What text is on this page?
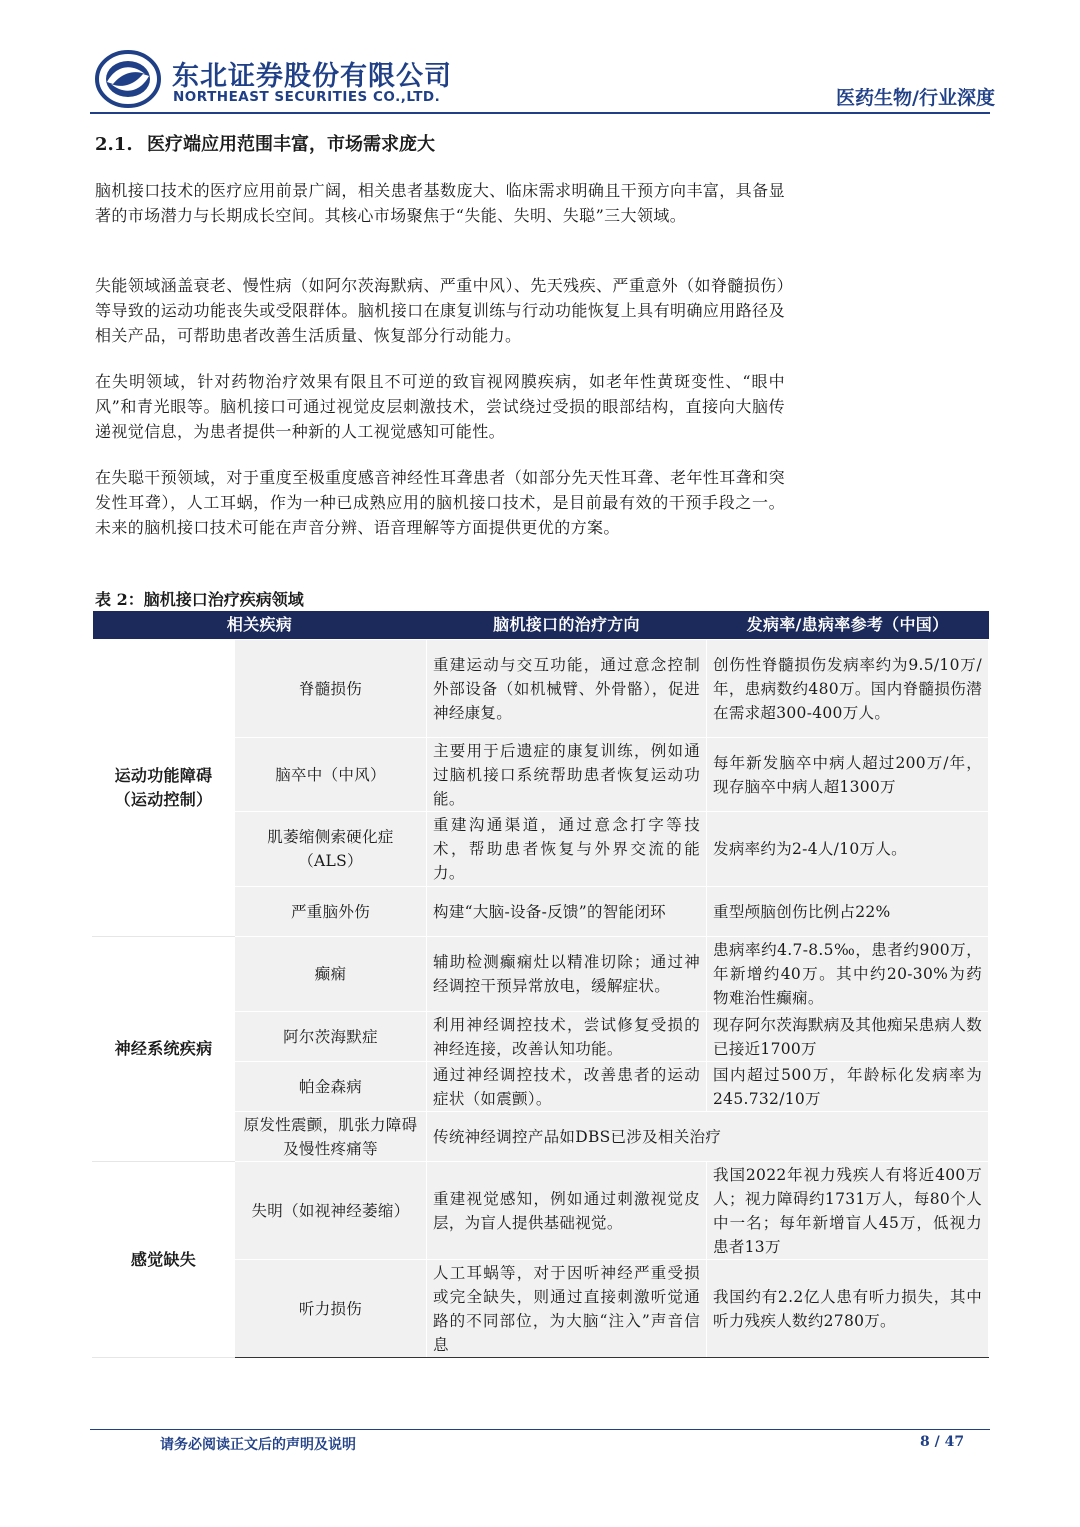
东北证券股份有限公司
NORTHEAST SECURITIES CO.,LTD.	医药生物/行业深度
2.1. 医疗端应用范围丰富，市场需求庞大

脑机接口技术的医疗应用前景广阔，相关患者基数庞大、临床需求明确且干预方向丰富，具备显著的市场潜力与长期成长空间。其核心市场聚焦于“失能、失明、失聪”三大领域。

失能领域涵盖衰老、慢性病（如阿尔茨海默病、严重中风）、先天残疾、严重意外（如脊髓损伤）等导致的运动功能丧失或受限群体。脑机接口在康复训练与行动功能恢复上具有明确应用路径及相关产品，可帮助患者改善生活质量、恢复部分行动能力。

在失明领域，针对药物治疗效果有限且不可逆的致盲视网膜疾病，如老年性黄斑变性、“眼中风”和青光眼等。脑机接口可通过视觉皮层刺激技术，尝试绕过受损的眼部结构，直接向大脑传递视觉信息，为患者提供一种新的人工视觉感知可能性。

在失聪干预领域，对于重度至极重度感音神经性耳聋患者（如部分先天性耳聋、老年性耳聋和突发性耳聋），人工耳蜗，作为一种已成熟应用的脑机接口技术，是目前最有效的干预手段之一。未来的脑机接口技术可能在声音分辨、语音理解等方面提供更优的方案。

表 2：脑机接口治疗疾病领域
相关疾病		脑机接口的治疗方向	发病率/患病率参考（中国）
运动功能障碍（运动控制）	脊髓损伤	重建运动与交互功能，通过意念控制外部设备（如机械臂、外骨骼），促进神经康复。	创伤性脊髓损伤发病率约为9.5/10万/年，患病数约480万。国内脊髓损伤潜在需求超300-400万人。
	脑卒中（中风）	主要用于后遗症的康复训练，例如通过脑机接口系统帮助患者恢复运动功能。	每年新发脑卒中病人超过200万/年，现存脑卒中病人超1300万
	肌萎缩侧索硬化症（ALS）	重建沟通渠道，通过意念打字等技术，帮助患者恢复与外界交流的能力。	发病率约为2-4人/10万人。
	严重脑外伤	构建“大脑-设备-反馈”的智能闭环	重型颅脑创伤比例占22%
神经系统疾病	癫痫	辅助检测癫痫灶以精准切除；通过神经调控干预异常放电，缓解症状。	患病率约4.7-8.5‰，患者约900万，年新增约40万。其中约20-30%为药物难治性癫痫。
	阿尔茨海默症	利用神经调控技术，尝试修复受损的神经连接，改善认知功能。	现存阿尔茨海默病及其他痴呆患病人数已接近1700万
	帕金森病	通过神经调控技术，改善患者的运动症状（如震颤）。	国内超过500万，年龄标化发病率为245.732/10万
	原发性震颤，肌张力障碍及慢性疼痛等	传统神经调控产品如DBS已涉及相关治疗	
感觉缺失	失明（如视神经萎缩）	重建视觉感知，例如通过刺激视觉皮层，为盲人提供基础视觉。	我国2022年视力残疾人有将近400万人；视力障碍约1731万人，每80个人中一名；每年新增盲人45万，低视力患者13万
	听力损伤	人工耳蜗等，对于因听神经严重受损或完全缺失，则通过直接刺激听觉通路的不同部位，为大脑“注入”声音信息	我国约有2.2亿人患有听力损失，其中听力残疾人数约2780万。
请务必阅读正文后的声明及说明	8 / 47
